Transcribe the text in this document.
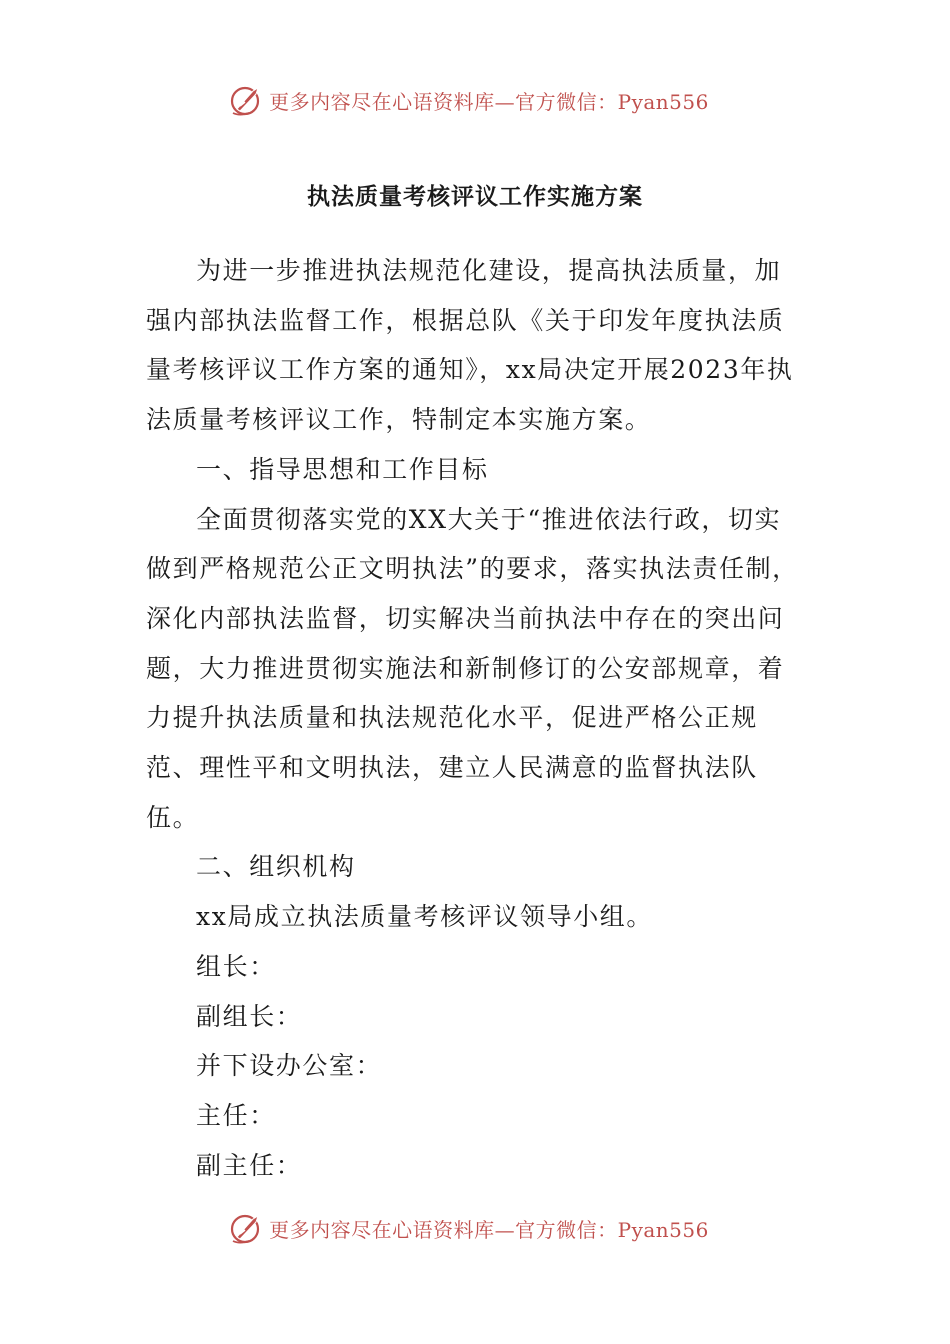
更多内容尽在心语资料库—官方微信：Pyan556
执法质量考核评议工作实施方案

为进一步推进执法规范化建设，提高执法质量，加强内部执法监督工作，根据总队《关于印发年度执法质量考核评议工作方案的通知》，xx局决定开展2023年执法质量考核评议工作，特制定本实施方案。

一、指导思想和工作目标

全面贯彻落实党的XX大关于“推进依法行政，切实做到严格规范公正文明执法”的要求，落实执法责任制，深化内部执法监督，切实解决当前执法中存在的突出问题，大力推进贯彻实施法和新制修订的公安部规章，着力提升执法质量和执法规范化水平，促进严格公正规范、理性平和文明执法，建立人民满意的监督执法队伍。

二、组织机构

xx局成立执法质量考核评议领导小组。

组长：

副组长：

并下设办公室：

主任：

副主任：

更多内容尽在心语资料库—官方微信：Pyan556
